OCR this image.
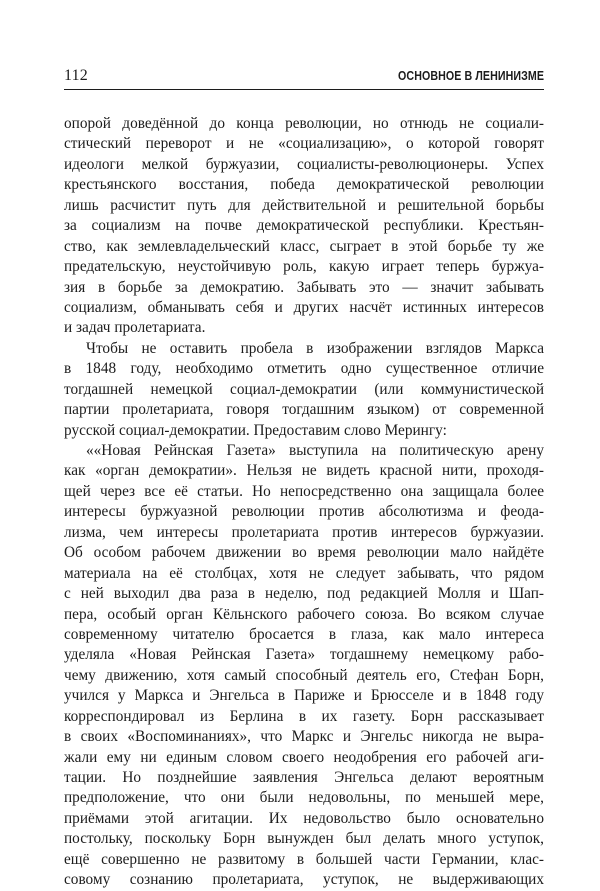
112	ОСНОВНОЕ В ЛЕНИНИЗМЕ
опорой доведённой до конца революции, но отнюдь не социали-
стический переворот и не «социализацию», о которой говорят
идеологи мелкой буржуазии, социалисты-революционеры. Успех
крестьянского восстания, победа демократической революции
лишь расчистит путь для действительной и решительной борьбы
за социализм на почве демократической республики. Крестьян-
ство, как землевладельческий класс, сыграет в этой борьбе ту же
предательскую, неустойчивую роль, какую играет теперь буржуа-
зия в борьбе за демократию. Забывать это — значит забывать
социализм, обманывать себя и других насчёт истинных интересов
и задач пролетариата.
Чтобы не оставить пробела в изображении взглядов Маркса
в 1848 году, необходимо отметить одно существенное отличие
тогдашней немецкой социал-демократии (или коммунистической
партии пролетариата, говоря тогдашним языком) от современной
русской социал-демократии. Предоставим слово Мерингу:
««Новая Рейнская Газета» выступила на политическую арену
как «орган демократии». Нельзя не видеть красной нити, проходя-
щей через все её статьи. Но непосредственно она защищала более
интересы буржуазной революции против абсолютизма и феода-
лизма, чем интересы пролетариата против интересов буржуазии.
Об особом рабочем движении во время революции мало найдёте
материала на её столбцах, хотя не следует забывать, что рядом
с ней выходил два раза в неделю, под редакцией Молля и Шап-
пера, особый орган Кёльнского рабочего союза. Во всяком случае
современному читателю бросается в глаза, как мало интереса
уделяла «Новая Рейнская Газета» тогдашнему немецкому рабо-
чему движению, хотя самый способный деятель его, Стефан Борн,
учился у Маркса и Энгельса в Париже и Брюсселе и в 1848 году
корреспондировал из Берлина в их газету. Борн рассказывает
в своих «Воспоминаниях», что Маркс и Энгельс никогда не выра-
жали ему ни единым словом своего неодобрения его рабочей аги-
тации. Но позднейшие заявления Энгельса делают вероятным
предположение, что они были недовольны, по меньшей мере,
приёмами этой агитации. Их недовольство было основательно
постольку, поскольку Борн вынужден был делать много уступок,
ещё совершенно не развитому в большей части Германии, клас-
совому сознанию пролетариата, уступок, не выдерживающих
